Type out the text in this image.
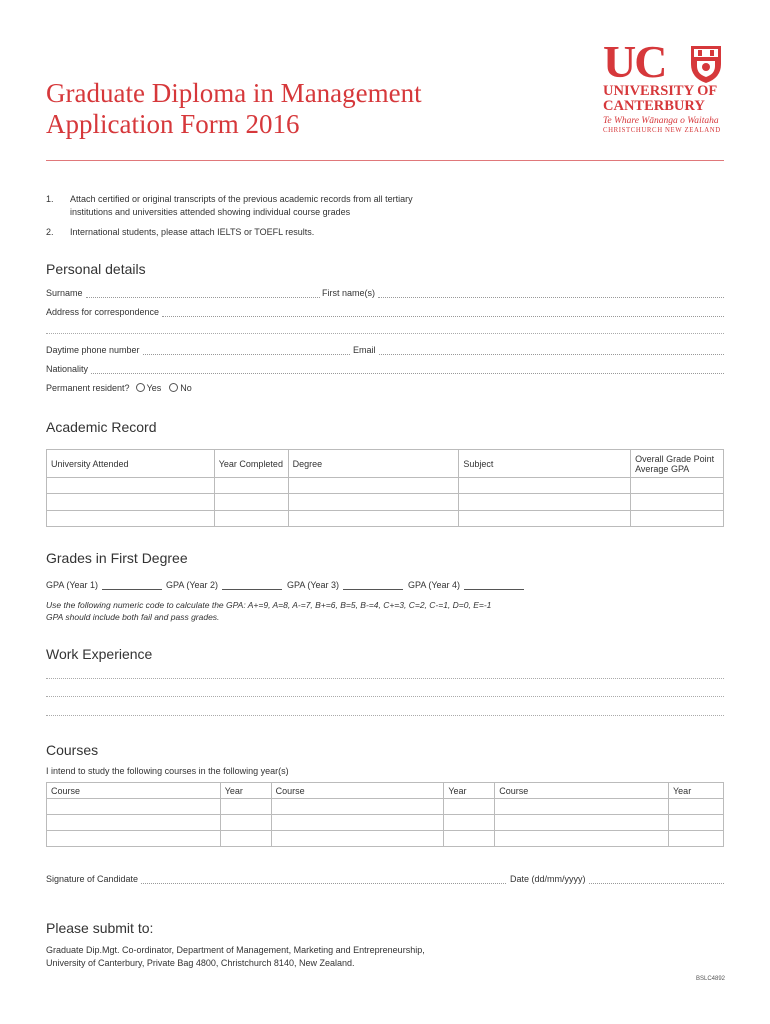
Graduate Diploma in Management
Application Form 2016
UC
UNIVERSITY OF
CANTERBURY
Te Whare Wānanga o Waitaha
CHRISTCHURCH NEW ZEALAND
1. Attach certified or original transcripts of the previous academic records from all tertiary institutions and universities attended showing individual course grades
2. International students, please attach IELTS or TOEFL results.
Personal details
Surname	First name(s)
Address for correspondence
Daytime phone number	Email
Nationality
Permanent resident?	Yes	No
Academic Record
University Attended	Year Completed	Degree	Subject	Overall Grade Point Average GPA

Grades in First Degree
GPA (Year 1)	GPA (Year 2)	GPA (Year 3)	GPA (Year 4)
Use the following numeric code to calculate the GPA: A+=9, A=8, A-=7, B+=6, B=5, B-=4, C+=3, C=2, C-=1, D=0, E=-1
GPA should include both fail and pass grades.
Work Experience
Courses
I intend to study the following courses in the following year(s)
Course	Year	Course	Year	Course	Year

Signature of Candidate	Date (dd/mm/yyyy)
Please submit to:
Graduate Dip.Mgt. Co-ordinator, Department of Management, Marketing and Entrepreneurship,
University of Canterbury, Private Bag 4800, Christchurch 8140, New Zealand.
BSLC4892
